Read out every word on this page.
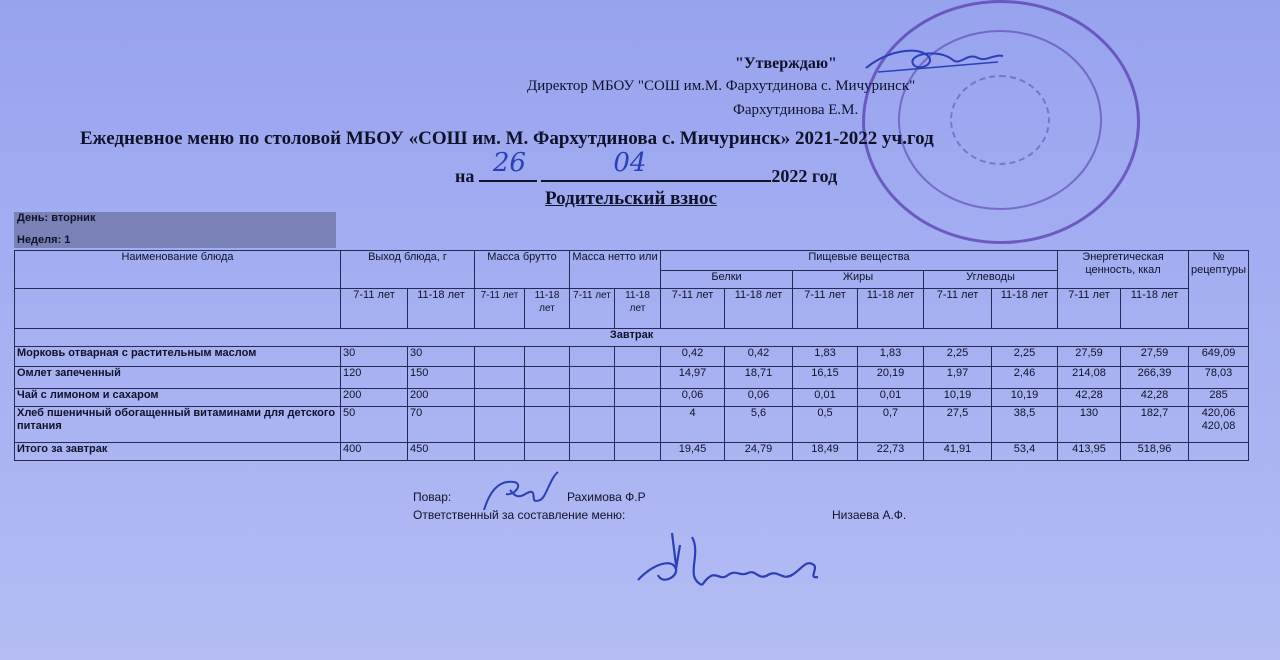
"Утверждаю"
Директор МБОУ "СОШ им.М. Фархутдинова с. Мичуринск"
Фархутдинова Е.М.
Ежедневное меню по столовой МБОУ «СОШ им. М. Фархутдинова с. Мичуринск» 2021-2022 уч.год
на 26
	04	2022 год
Родительский взнос
День: вторник
Неделя: 1
Наименование блюда	Выход блюда, г		Масса брутто		Масса нетто или		Пищевые вещества						Энергетическая ценность, ккал		№ рецептуры
							Белки		Жиры		Углеводы				
	7-11 лет	11-18 лет	7-11 лет	11-18 лет	7-11 лет	11-18 лет	7-11 лет	11-18 лет	7-11 лет	11-18 лет	7-11 лет	11-18 лет	7-11 лет	11-18 лет	
Завтрак															
Морковь отварная с растительным маслом	30	30					0,42	0,42	1,83	1,83	2,25	2,25	27,59	27,59	649,09
Омлет запеченный	120	150					14,97	18,71	16,15	20,19	1,97	2,46	214,08	266,39	78,03
Чай с лимоном и сахаром	200	200					0,06	0,06	0,01	0,01	10,19	10,19	42,28	42,28	285
Хлеб пшеничный обогащенный витаминами для детского питания	50	70					4	5,6	0,5	0,7	27,5	38,5	130	182,7	420,06 420,08
Итого за завтрак	400	450					19,45	24,79	18,49	22,73	41,91	53,4	413,95	518,96	
Повар:	Рахимова Ф.Р
Ответственный за составление меню:	Низаева А.Ф.
